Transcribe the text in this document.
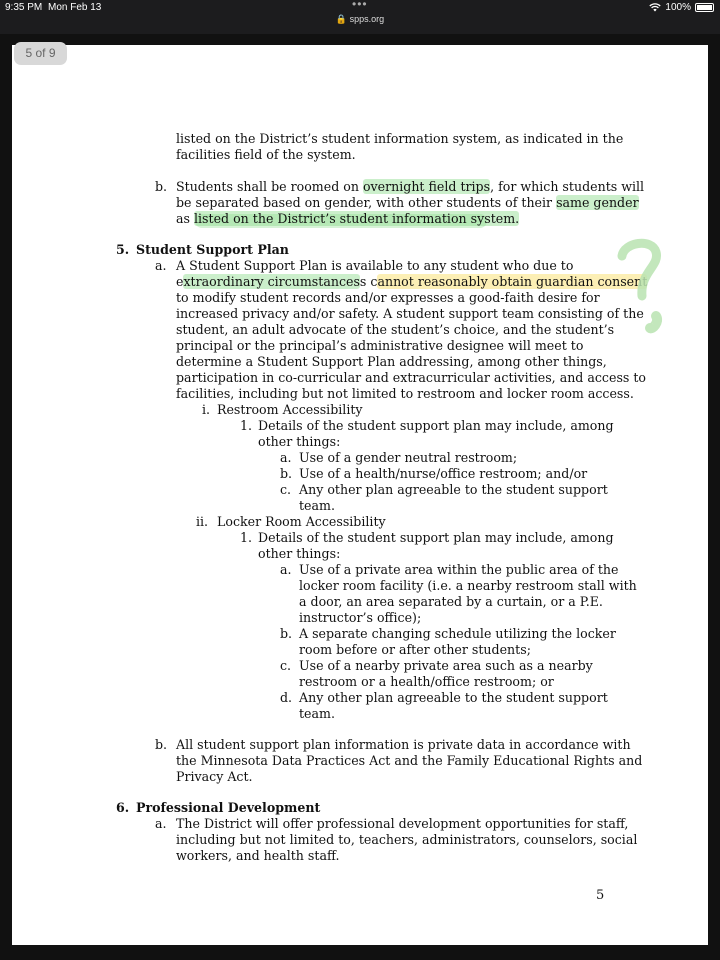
9:35 PM Mon Feb 13	•••
🔒 spps.org
100%
5 of 9
listed on the District’s student information system, as indicated in the
facilities field of the system.
b. Students shall be roomed on overnight field trips, for which students will
be separated based on gender, with other students of their same gender
as listed on the District’s student information system.
5. Student Support Plan
a. A Student Support Plan is available to any student who due to
extraordinary circumstancess cannot reasonably obtain guardian consent
to modify student records and/or expresses a good-faith desire for
increased privacy and/or safety. A student support team consisting of the
student, an adult advocate of the student’s choice, and the student’s
principal or the principal’s administrative designee will meet to
determine a Student Support Plan addressing, among other things,
participation in co-curricular and extracurricular activities, and access to
facilities, including but not limited to restroom and locker room access.
i. Restroom Accessibility
1. Details of the student support plan may include, among
other things:
a. Use of a gender neutral restroom;
b. Use of a health/nurse/office restroom; and/or
c. Any other plan agreeable to the student support
team.
ii. Locker Room Accessibility
1. Details of the student support plan may include, among
other things:
a. Use of a private area within the public area of the
locker room facility (i.e. a nearby restroom stall with
a door, an area separated by a curtain, or a P.E.
instructor’s office);
b. A separate changing schedule utilizing the locker
room before or after other students;
c. Use of a nearby private area such as a nearby
restroom or a health/office restroom; or
d. Any other plan agreeable to the student support
team.
b. All student support plan information is private data in accordance with
the Minnesota Data Practices Act and the Family Educational Rights and
Privacy Act.
6. Professional Development
a. The District will offer professional development opportunities for staff,
including but not limited to, teachers, administrators, counselors, social
workers, and health staff.
5
